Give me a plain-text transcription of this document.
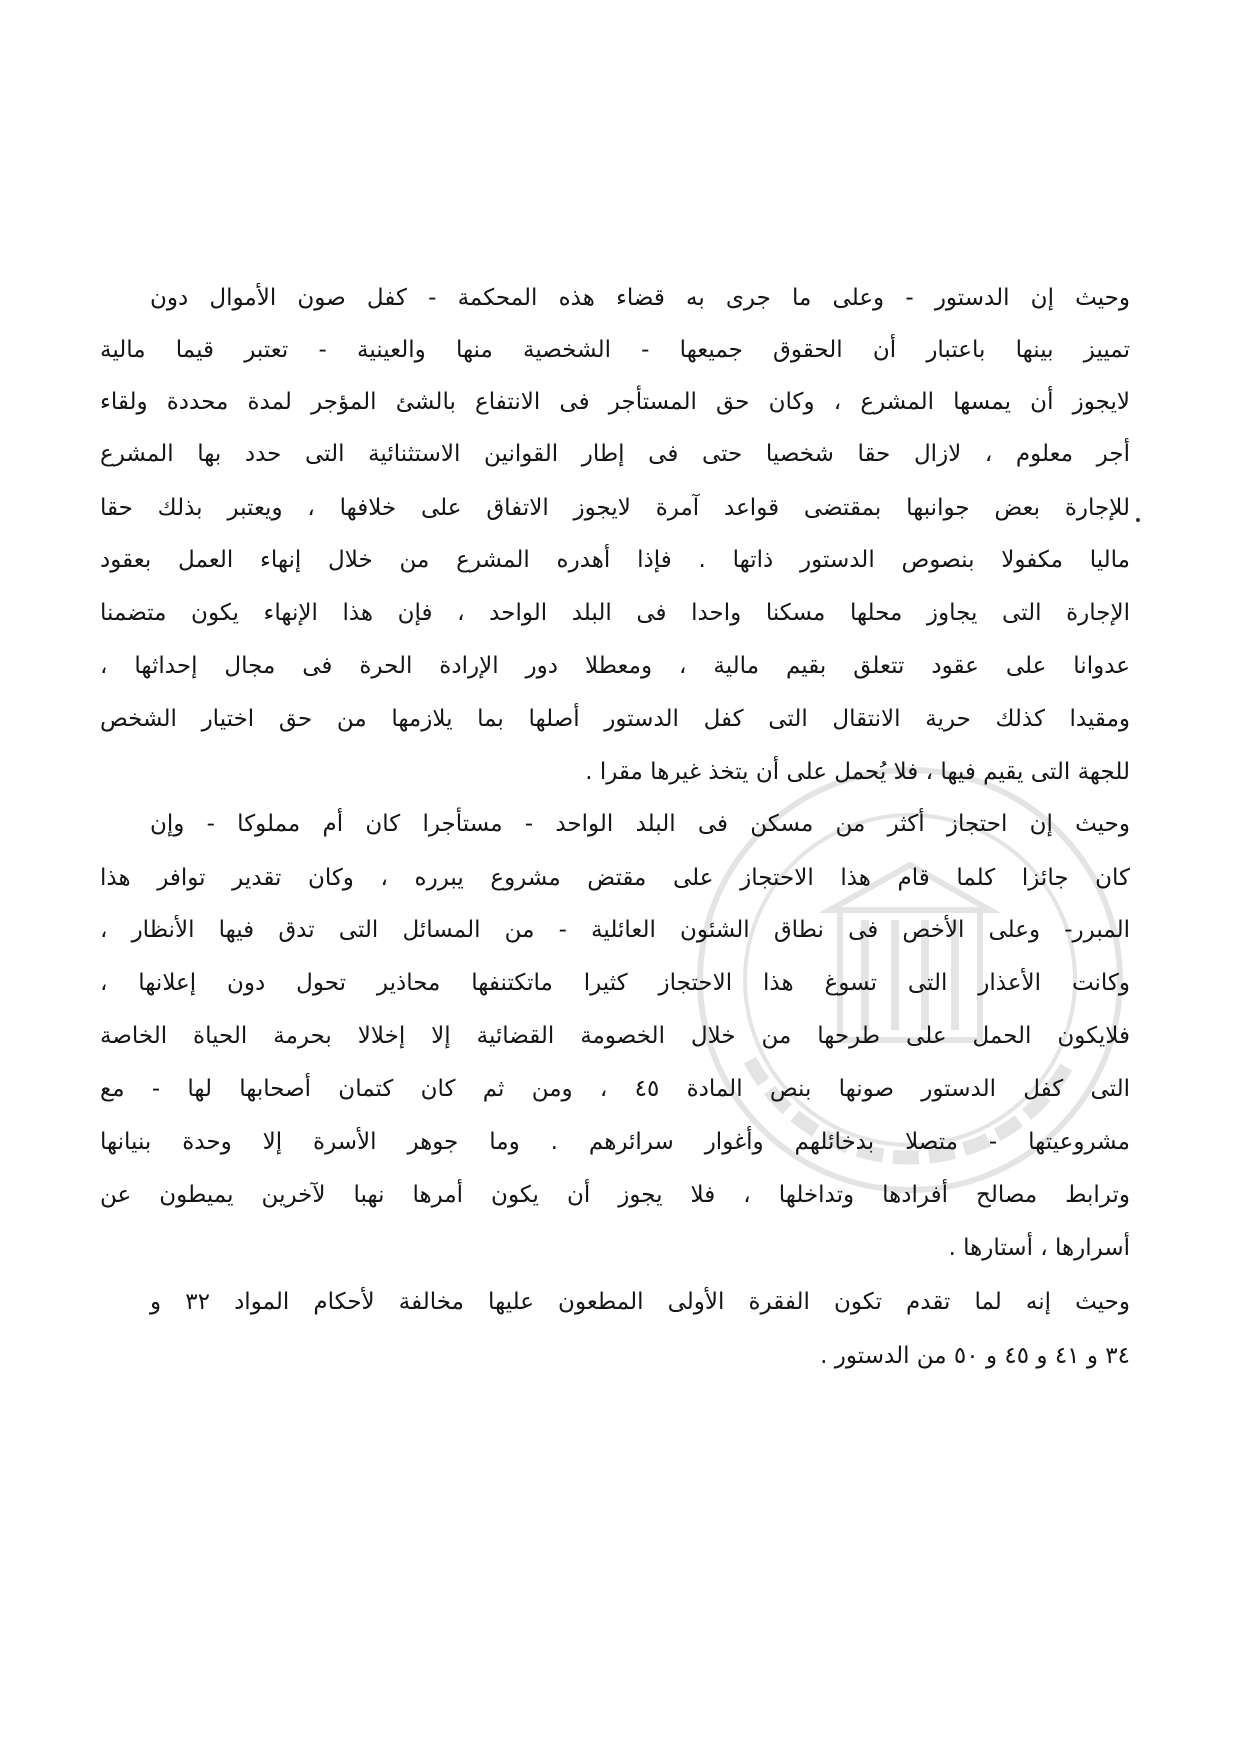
وحيث إن الدستور - وعلى ما جرى به قضاء هذه المحكمة - كفل صون الأموال دون
تمييز بينها باعتبار أن الحقوق جميعها - الشخصية منها والعينية - تعتبر قيما مالية
لايجوز أن يمسها المشرع ، وكان حق المستأجر فى الانتفاع بالشئ المؤجر لمدة محددة ولقاء
أجر معلوم ، لازال حقا شخصيا حتى فى إطار القوانين الاستثنائية التى حدد بها المشرع
للإجارة بعض جوانبها بمقتضى قواعد آمرة لايجوز الاتفاق على خلافها ، ويعتبر بذلك حقا
ماليا مكفولا بنصوص الدستور ذاتها . فإذا أهدره المشرع من خلال إنهاء العمل بعقود
الإجارة التى يجاوز محلها مسكنا واحدا فى البلد الواحد ، فإن هذا الإنهاء يكون متضمنا
عدوانا على عقود تتعلق بقيم مالية ، ومعطلا دور الإرادة الحرة فى مجال إحداثها ،
ومقيدا كذلك حرية الانتقال التى كفل الدستور أصلها بما يلازمها من حق اختيار الشخص
للجهة التى يقيم فيها ، فلا يُحمل على أن يتخذ غيرها مقرا .
وحيث إن احتجاز أكثر من مسكن فى البلد الواحد - مستأجرا كان أم مملوكا - وإن
كان جائزا كلما قام هذا الاحتجاز على مقتض مشروع يبرره ، وكان تقدير توافر هذا
المبرر- وعلى الأخص فى نطاق الشئون العائلية - من المسائل التى تدق فيها الأنظار ،
وكانت الأعذار التى تسوغ هذا الاحتجاز كثيرا ماتكتنفها محاذير تحول دون إعلانها ،
فلايكون الحمل على طرحها من خلال الخصومة القضائية إلا إخلالا بحرمة الحياة الخاصة
التى كفل الدستور صونها بنص المادة ٤٥ ، ومن ثم كان كتمان أصحابها لها - مع
مشروعيتها - متصلا بدخائلهم وأغوار سرائرهم . وما جوهر الأسرة إلا وحدة بنيانها
وترابط مصالح أفرادها وتداخلها ، فلا يجوز أن يكون أمرها نهبا لآخرين يميطون عن
أسرارها ، أستارها .
وحيث إنه لما تقدم تكون الفقرة الأولى المطعون عليها مخالفة لأحكام المواد ٣٢ و
٣٤ و ٤١ و ٤٥ و ٥٠ من الدستور .
